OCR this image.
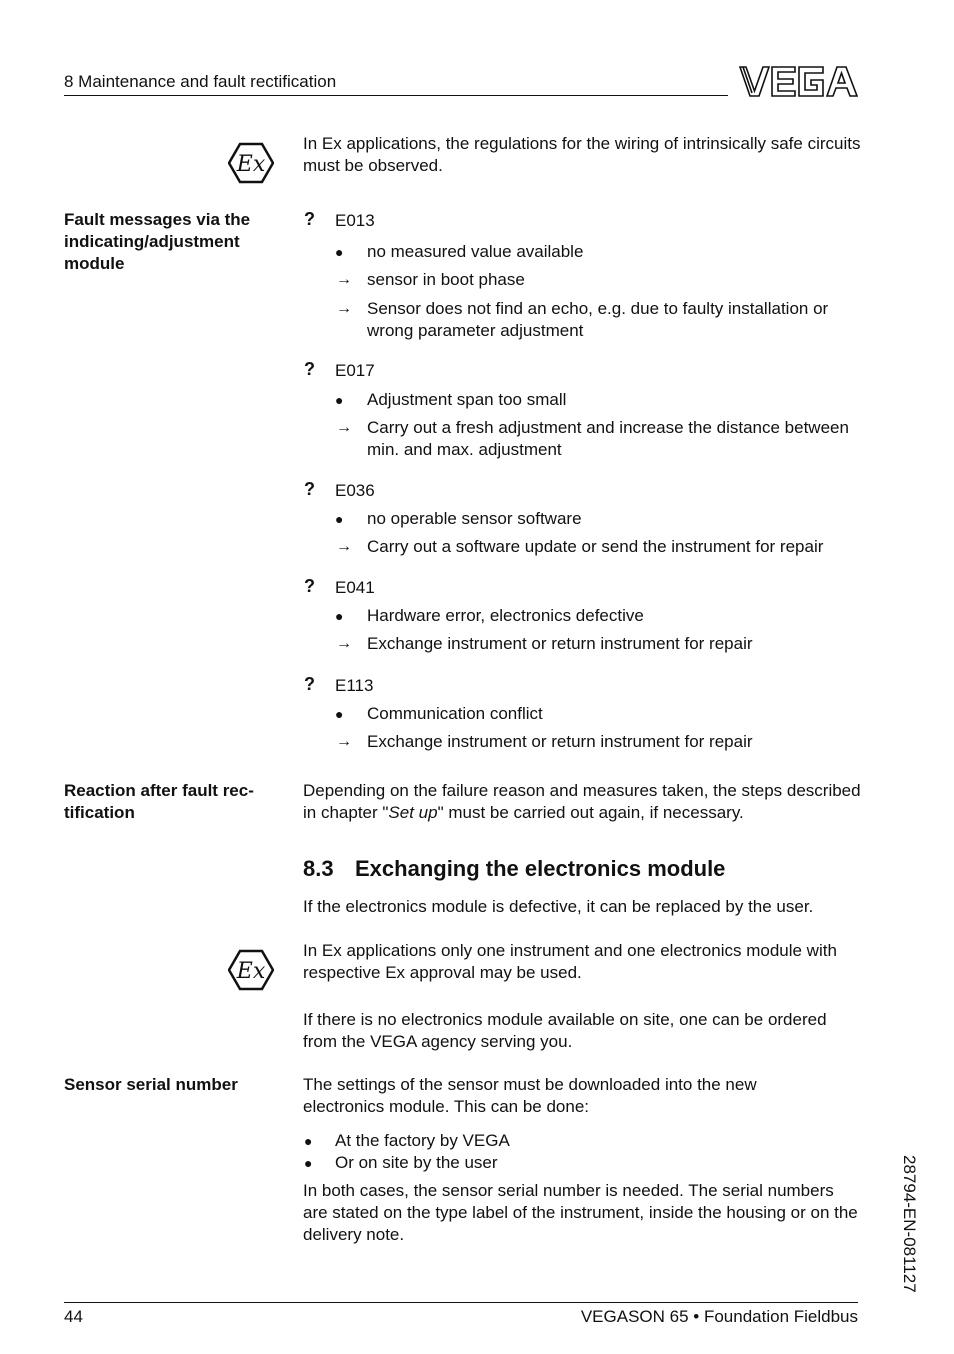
8 Maintenance and fault rectification
Ex
In Ex applications, the regulations for the wiring of intrinsically safe circuits must be observed.
Fault messages via the indicating/adjustment module
? E013
● no measured value available
→ sensor in boot phase
→ Sensor does not find an echo, e.g. due to faulty installation or wrong parameter adjustment
? E017
● Adjustment span too small
→ Carry out a fresh adjustment and increase the distance between min. and max. adjustment
? E036
● no operable sensor software
→ Carry out a software update or send the instrument for repair
? E041
● Hardware error, electronics defective
→ Exchange instrument or return instrument for repair
? E113
● Communication conflict
→ Exchange instrument or return instrument for repair
Reaction after fault rec-tification
Depending on the failure reason and measures taken, the steps described in chapter "Set up" must be carried out again, if necessary.
8.3 Exchanging the electronics module
If the electronics module is defective, it can be replaced by the user.
Ex
In Ex applications only one instrument and one electronics module with respective Ex approval may be used.
If there is no electronics module available on site, one can be ordered from the VEGA agency serving you.
Sensor serial number	The settings of the sensor must be downloaded into the new electronics module. This can be done:
● At the factory by VEGA
● Or on site by the user
In both cases, the sensor serial number is needed. The serial numbers are stated on the type label of the instrument, inside the housing or on the delivery note.	28794-EN-081127
44	VEGASON 65 • Foundation Fieldbus
